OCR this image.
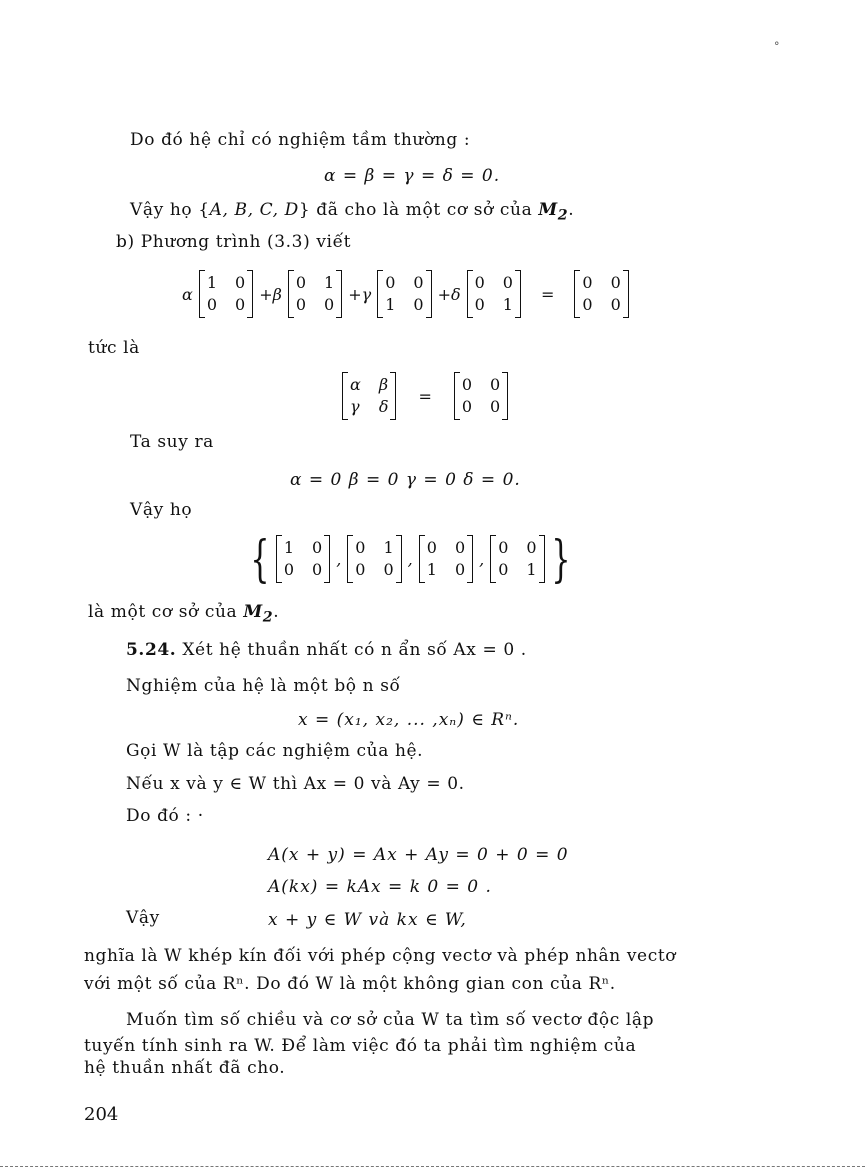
°
Do đó hệ chỉ có nghiệm tầm thường :
α = β = γ = δ = 0.
Vậy họ {A, B, C, D} đã cho là một cơ sở của $M_2$.
b) Phương trình (3.3) viết
α
1 0
0 0
+β
0 1
0 0
+γ
0 0
1 0
+δ
0 0
0 1
=
0 0
0 0
tức là
α β
γ δ
=
0 0
0 0
Ta suy ra
α = 0 β = 0 γ = 0 δ = 0.
Vậy họ
{ 1 0
0 0
,
0 1
0 0
,
0 0
1 0
,
0 0
0 1 }
là một cơ sở của $M_2$.
5.24. Xét hệ thuần nhất có n ẩn số Ax = 0 .
Nghiệm của hệ là một bộ n số
x = (x₁, x₂, ... ,xₙ) ∈ Rⁿ.
Gọi W là tập các nghiệm của hệ.
Nếu x và y ∈ W thì Ax = 0 và Ay = 0.
Do đó : ·
A(x + y) = Ax + Ay = 0 + 0 = 0
A(kx) = kAx = k 0 = 0 .
Vậy	x + y ∈ W và kx ∈ W,
nghĩa là W khép kín đối với phép cộng vectơ và phép nhân vectơ
với một số của Rⁿ. Do đó W là một không gian con của Rⁿ.
Muốn tìm số chiều và cơ sở của W ta tìm số vectơ độc lập
tuyến tính sinh ra W. Để làm việc đó ta phải tìm nghiệm của
hệ thuần nhất đã cho.
204
